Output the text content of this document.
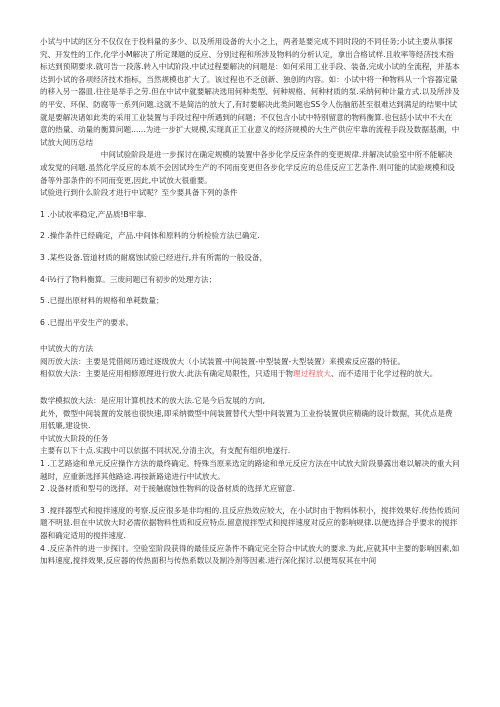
小试与中试的区分不仅仅在于投料量的多少、以及所用设备的大小之上，两者是要完成不同时段的不同任务;小试主要从事探究、开发性的工作,化学小M解决了所定课题的反应、分别过程和所涉及物料的分析认定，拿出合格试样.且收率等经济技术指标达到预期要求.就可告一段落.转入中试阶段.中试过程要解决的问题是：如何采用工业手段、装备,完成小试的全流程，并基本达到小试的各项经济技术指标，当然规模也扩大了。该过程也不乏创新、独创的内容。如：小试中将一种物料从一个容器定量的移入另一器皿.往往是举手之劳.但在中试中就要解决选用何种类型、何种规格、何种材质的泵.采纳何种计量方式.以及所涉及的平安、环保、防腐等一系列问题.这就不是简洁的放大了,有时要解决此类问题也SS令人伤脑筋甚至很难达到满足的结果中试就是要解决诸如此类的采用工业装置与手段过程中所遇到的问题；不仅包含小试中特别留意的物料衡算.也包括小试中不大在意的热量、动量的衡算问题......为进一步扩大规模,实现真正工业意义的经济规模的大生产供应牢靠的流程手段及数据基潮，中试放大阅历总结

中间试验阶段是进一步探讨在确定规模的装置中各步化学反应条件的变更规律.并解决试验室中所不能解决或发觉的问题.虽然化学反应的本质不会因试玲生产的不同而变更但各步化学反应的总佳反应工艺条件.则可能的试验规模和设备等外部条件的不同而变更,因此,中试放大很重要。

试验进行到什么阶段才进行中试呢？至少要具备下列的条件

1 .小试收率稳定,产品质!B牢靠.

2 .操作条件已经确定，产品.中间体和原料的分析检验方法已确定.

3 .某些设备.管道材质的耐腐蚀试验已经进行,并有所需的一般设备，

4·i½行了物料衡算。三废问题已有初步的处理方法；

5 .已提出原材料的规格和单耗数量；

6 .已提出平安生产的要求。

中试放大的方法

阅历放大法：主要是凭借阅历通过逐级放大（小试装置-中间装置-中型装置-大型装置）来摸索反应器的特征。

相似放大法：主要是应用相修原理进行放大.此法有确定局限性，只适用于物理过程放大、而不适用于化学过程的放大。

数学模拟放大法：是应用计算机技术的放大法.它是今后发展的方向,

此外，微型中间装置的发展也很快速,即采纳微型中间装置替代大型中间装置为工业扮装置供应精确的设计数据，其优点是费用低廉,建设快.

中试放大阶段的任务

主要有以下十点.实践中可以依据不同状况,分清主次，有支配有组织地遂行.

1 .工艺路途和单元反应操作方法的最终确定。特殊当原来选定的路途和单元反应方法在中试放大阶段暴露出难以解决的重大问越时，应重新选择其他路途.再按新路途进行中试放大。

2 .设备材质和型号的选择。对于接触腐蚀性物料的设备材质的选择尤应留意.

3 .搅拌器型式和搅拌速度的考察.反应很多是非均相的.且反应热效应较大，在小试时由于物料体积小，搅拌效果好.传热传质问题不明显.但在中试放大时必需依据物料性质和反应特点.留意搅拌型式和搅拌速度对反应的影响规律.以便选择合乎要求的搅拌器和确定适用的搅拌速度.

4 .反应条件的进一步探讨。空验室阶段获得的最佳反应条件不确定完全符合中试放大的要求.为此,应就其中主要的影响因素,如加料速度,搅拌效果,反应器的传热面积与传热系数以及制冷剂等因素.进行深化探讨.以便驾驭其在中间
